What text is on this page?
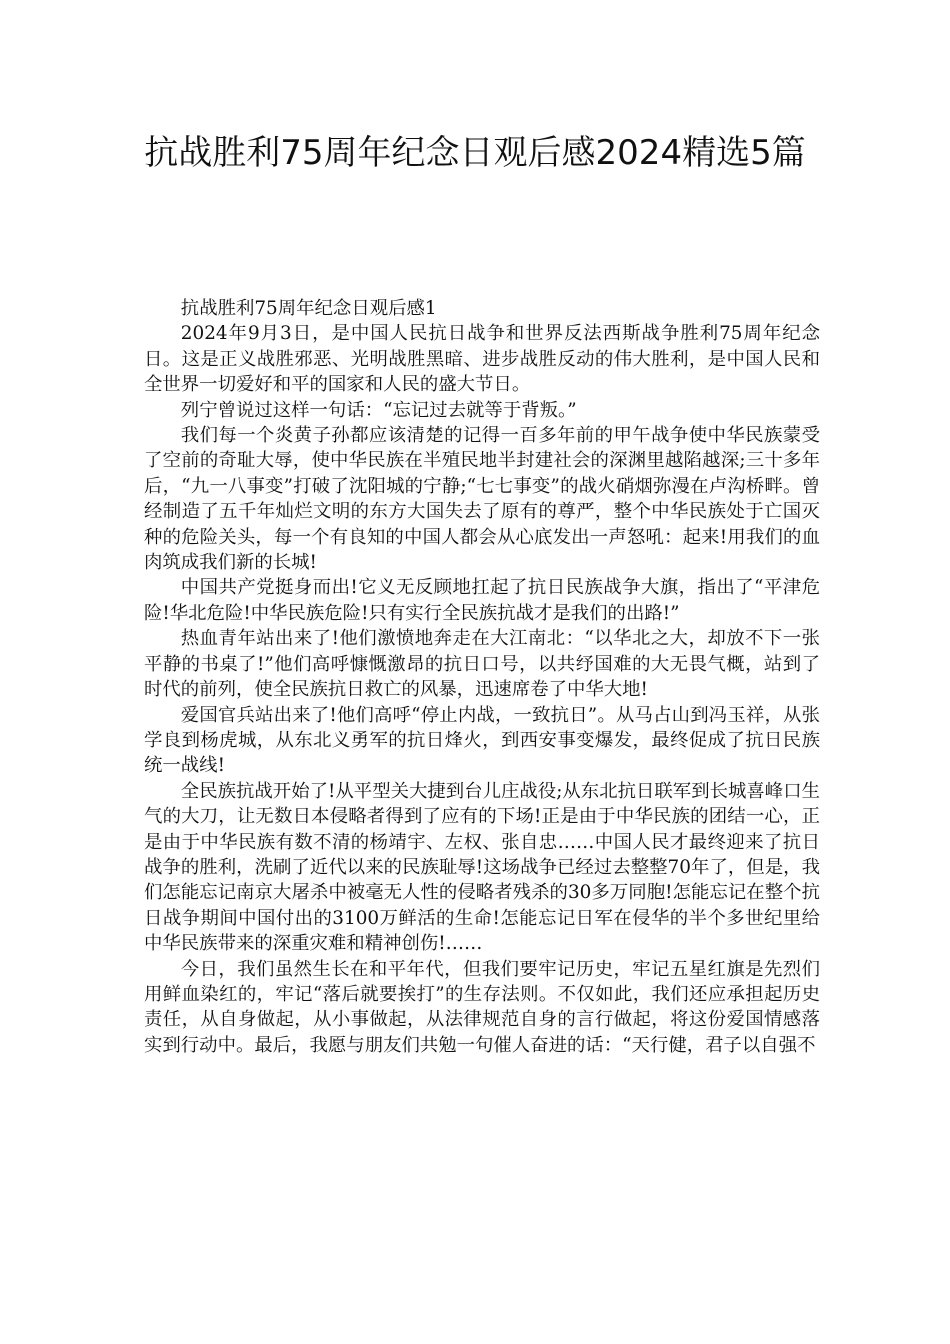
抗战胜利75周年纪念日观后感2024精选5篇

抗战胜利75周年纪念日观后感1

2024年9月3日，是中国人民抗日战争和世界反法西斯战争胜利75周年纪念日。这是正义战胜邪恶、光明战胜黑暗、进步战胜反动的伟大胜利，是中国人民和全世界一切爱好和平的国家和人民的盛大节日。

列宁曾说过这样一句话：“忘记过去就等于背叛。”

我们每一个炎黄子孙都应该清楚的记得一百多年前的甲午战争使中华民族蒙受了空前的奇耻大辱，使中华民族在半殖民地半封建社会的深渊里越陷越深;三十多年后，“九一八事变”打破了沈阳城的宁静;“七七事变”的战火硝烟弥漫在卢沟桥畔。曾经制造了五千年灿烂文明的东方大国失去了原有的尊严，整个中华民族处于亡国灭种的危险关头，每一个有良知的中国人都会从心底发出一声怒吼：起来!用我们的血肉筑成我们新的长城!

中国共产党挺身而出!它义无反顾地扛起了抗日民族战争大旗，指出了“平津危险!华北危险!中华民族危险!只有实行全民族抗战才是我们的出路!”

热血青年站出来了!他们激愤地奔走在大江南北：“以华北之大，却放不下一张平静的书桌了!”他们高呼慷慨激昂的抗日口号，以共纾国难的大无畏气概，站到了时代的前列，使全民族抗日救亡的风暴，迅速席卷了中华大地!

爱国官兵站出来了!他们高呼“停止内战，一致抗日”。从马占山到冯玉祥，从张学良到杨虎城，从东北义勇军的抗日烽火，到西安事变爆发，最终促成了抗日民族统一战线!

全民族抗战开始了!从平型关大捷到台儿庄战役;从东北抗日联军到长城喜峰口生气的大刀，让无数日本侵略者得到了应有的下场!正是由于中华民族的团结一心，正是由于中华民族有数不清的杨靖宇、左权、张自忠……中国人民才最终迎来了抗日战争的胜利，洗刷了近代以来的民族耻辱!这场战争已经过去整整70年了，但是，我们怎能忘记南京大屠杀中被毫无人性的侵略者残杀的30多万同胞!怎能忘记在整个抗日战争期间中国付出的3100万鲜活的生命!怎能忘记日军在侵华的半个多世纪里给中华民族带来的深重灾难和精神创伤!……

今日，我们虽然生长在和平年代，但我们要牢记历史，牢记五星红旗是先烈们用鲜血染红的，牢记“落后就要挨打”的生存法则。不仅如此，我们还应承担起历史责任，从自身做起，从小事做起，从法律规范自身的言行做起，将这份爱国情感落实到行动中。最后，我愿与朋友们共勉一句催人奋进的话：“天行健，君子以自强不
